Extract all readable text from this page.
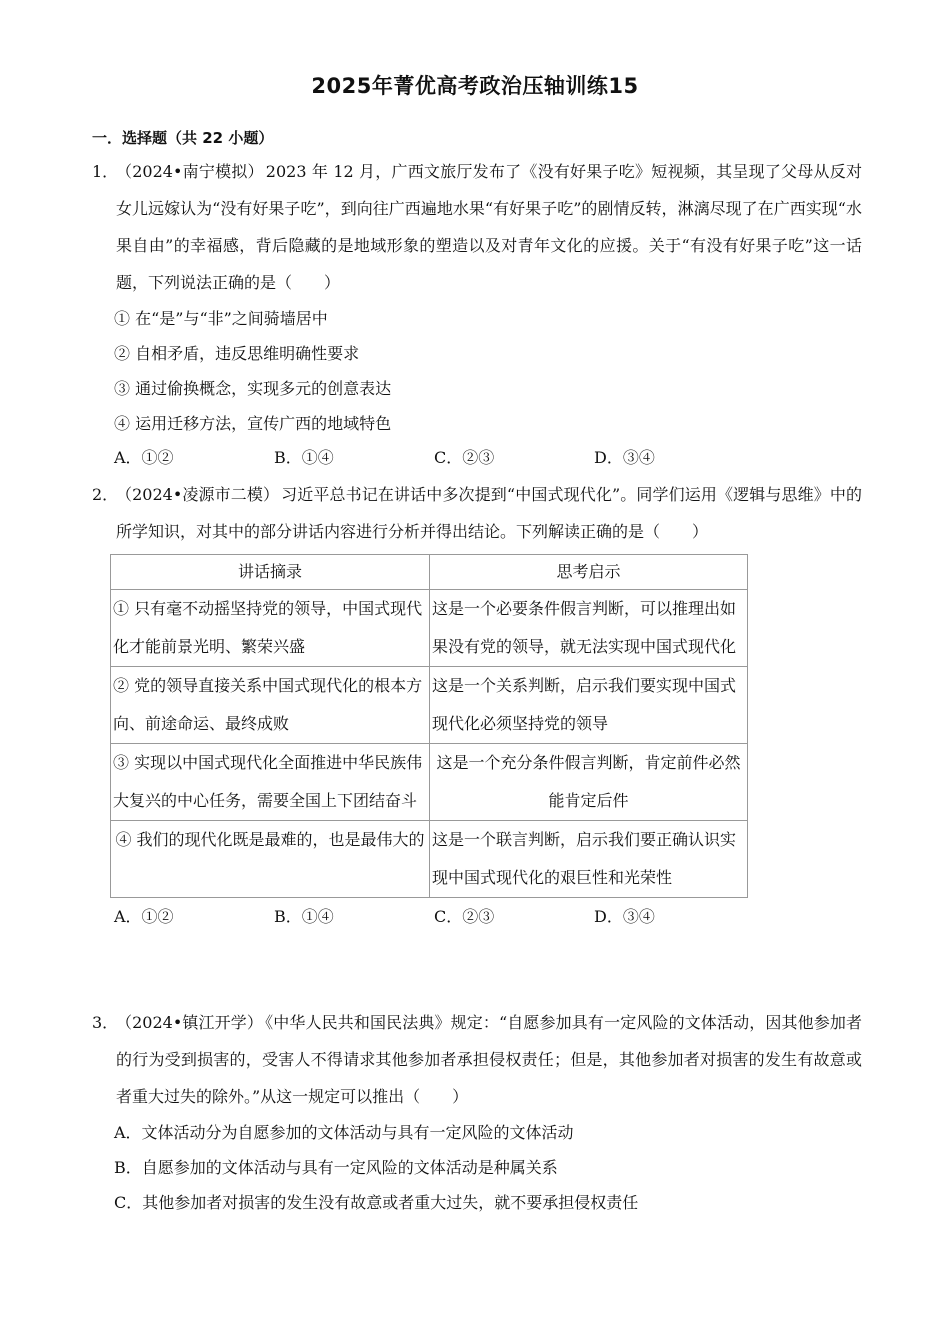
2025年菁优高考政治压轴训练15
一．选择题（共 22 小题）
1．
（2024•南宁模拟） 2023 年 12 月，广西文旅厅发布了《没有好果子吃》短视频，其呈现了父母从反对女儿远嫁认为“没有好果子吃”，到向往广西遍地水果“有好果子吃”的剧情反转，淋漓尽现了在广西实现“水果自由”的幸福感，背后隐藏的是地域形象的塑造以及对青年文化的应援。关于“有没有好果子吃”这一话题，下列说法正确的是（　　）
① 在“是”与“非”之间骑墙居中
② 自相矛盾，违反思维明确性要求
③ 通过偷换概念，实现多元的创意表达
④ 运用迁移方法，宣传广西的地域特色
A．①②	B．①④	C．②③	D．③④
2．
（2024•凌源市二模） 习近平总书记在讲话中多次提到“中国式现代化”。同学们运用《逻辑与思维》中的所学知识，对其中的部分讲话内容进行分析并得出结论。下列解读正确的是（　　）
讲话摘录	思考启示
① 只有毫不动摇坚持党的领导，中国式现代化才能前景光明、繁荣兴盛	这是一个必要条件假言判断，可以推理出如果没有党的领导，就无法实现中国式现代化
② 党的领导直接关系中国式现代化的根本方向、前途命运、最终成败	这是一个关系判断，启示我们要实现中国式现代化必须坚持党的领导
③ 实现以中国式现代化全面推进中华民族伟大复兴的中心任务，需要全国上下团结奋斗	这是一个充分条件假言判断，肯定前件必然能肯定后件
④ 我们的现代化既是最难的，也是最伟大的	这是一个联言判断，启示我们要正确认识实现中国式现代化的艰巨性和光荣性
A．①②	B．①④	C．②③	D．③④
3．
（2024•镇江开学） 《中华人民共和国民法典》规定：“自愿参加具有一定风险的文体活动，因其他参加者的行为受到损害的，受害人不得请求其他参加者承担侵权责任；但是，其他参加者对损害的发生有故意或者重大过失的除外。”从这一规定可以推出（　　）
A．文体活动分为自愿参加的文体活动与具有一定风险的文体活动
B．自愿参加的文体活动与具有一定风险的文体活动是种属关系
C．其他参加者对损害的发生没有故意或者重大过失，就不要承担侵权责任
